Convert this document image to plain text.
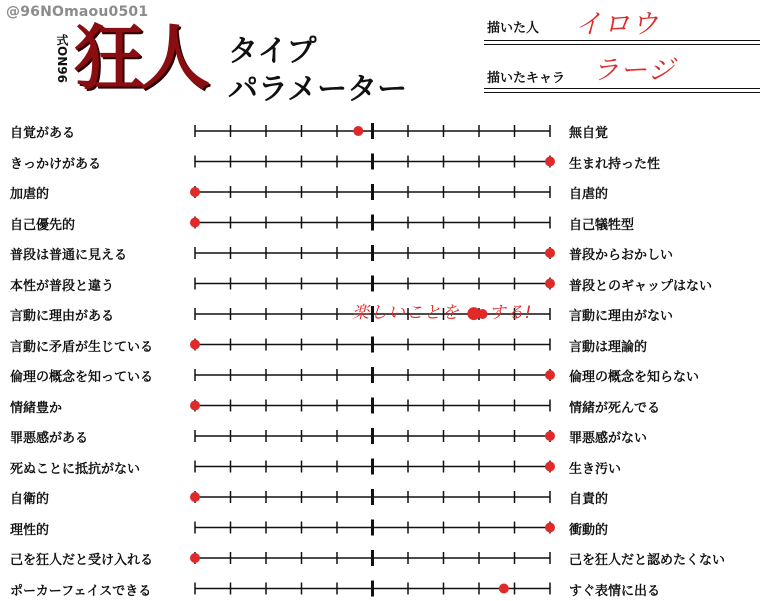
@96NOmaou0501
式ON96 狂人 タイプ
パラメーター
描いた人 イロウ
描いたキャラ ラージ
自覚がある	無自覚
きっかけがある	生まれ持った性
加虐的	自虐的
自己優先的	自己犠牲型
普段は普通に見える	普段からおかしい
本性が普段と違う	普段とのギャップはない
言動に理由がある	言動に理由がない
言動に矛盾が生じている	言動は理論的
倫理の概念を知っている	倫理の概念を知らない
情緒豊か	情緒が死んでる
罪悪感がある	罪悪感がない
死ぬことに抵抗がない	生き汚い
自衛的	自責的
理性的	衝動的
己を狂人だと受け入れる	己を狂人だと認めたくない
ポーカーフェイスできる	すぐ表情に出る
楽しいことを ● する!
